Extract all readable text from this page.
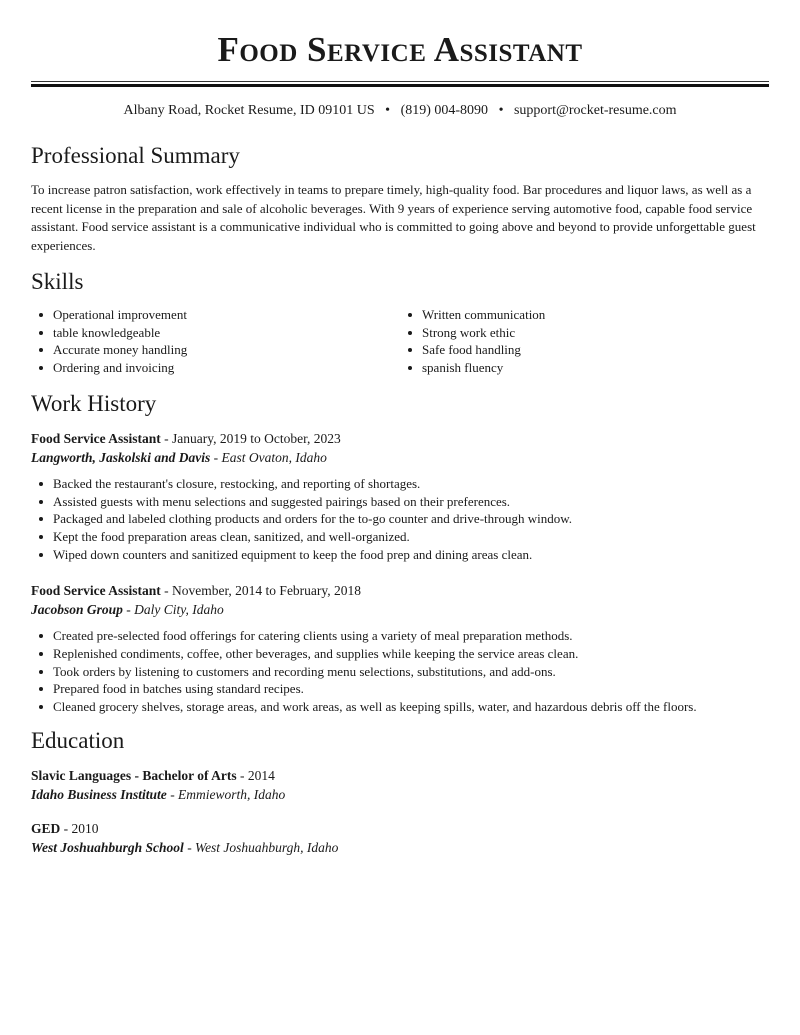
Food Service Assistant
Albany Road, Rocket Resume, ID 09101 US • (819) 004-8090 • support@rocket-resume.com
Professional Summary

To increase patron satisfaction, work effectively in teams to prepare timely, high-quality food. Bar procedures and liquor laws, as well as a recent license in the preparation and sale of alcoholic beverages. With 9 years of experience serving automotive food, capable food service assistant. Food service assistant is a communicative individual who is committed to going above and beyond to provide unforgettable guest experiences.

Skills
Operational improvement
table knowledgeable
Accurate money handling
Ordering and invoicing
Written communication
Strong work ethic
Safe food handling
spanish fluency
Work History
Food Service Assistant - January, 2019 to October, 2023
Langworth, Jaskolski and Davis - East Ovaton, Idaho
Backed the restaurant's closure, restocking, and reporting of shortages.
Assisted guests with menu selections and suggested pairings based on their preferences.
Packaged and labeled clothing products and orders for the to-go counter and drive-through window.
Kept the food preparation areas clean, sanitized, and well-organized.
Wiped down counters and sanitized equipment to keep the food prep and dining areas clean.
Food Service Assistant - November, 2014 to February, 2018
Jacobson Group - Daly City, Idaho
Created pre-selected food offerings for catering clients using a variety of meal preparation methods.
Replenished condiments, coffee, other beverages, and supplies while keeping the service areas clean.
Took orders by listening to customers and recording menu selections, substitutions, and add-ons.
Prepared food in batches using standard recipes.
Cleaned grocery shelves, storage areas, and work areas, as well as keeping spills, water, and hazardous debris off the floors.
Education
Slavic Languages - Bachelor of Arts - 2014
Idaho Business Institute - Emmieworth, Idaho
GED - 2010
West Joshuahburgh School - West Joshuahburgh, Idaho
